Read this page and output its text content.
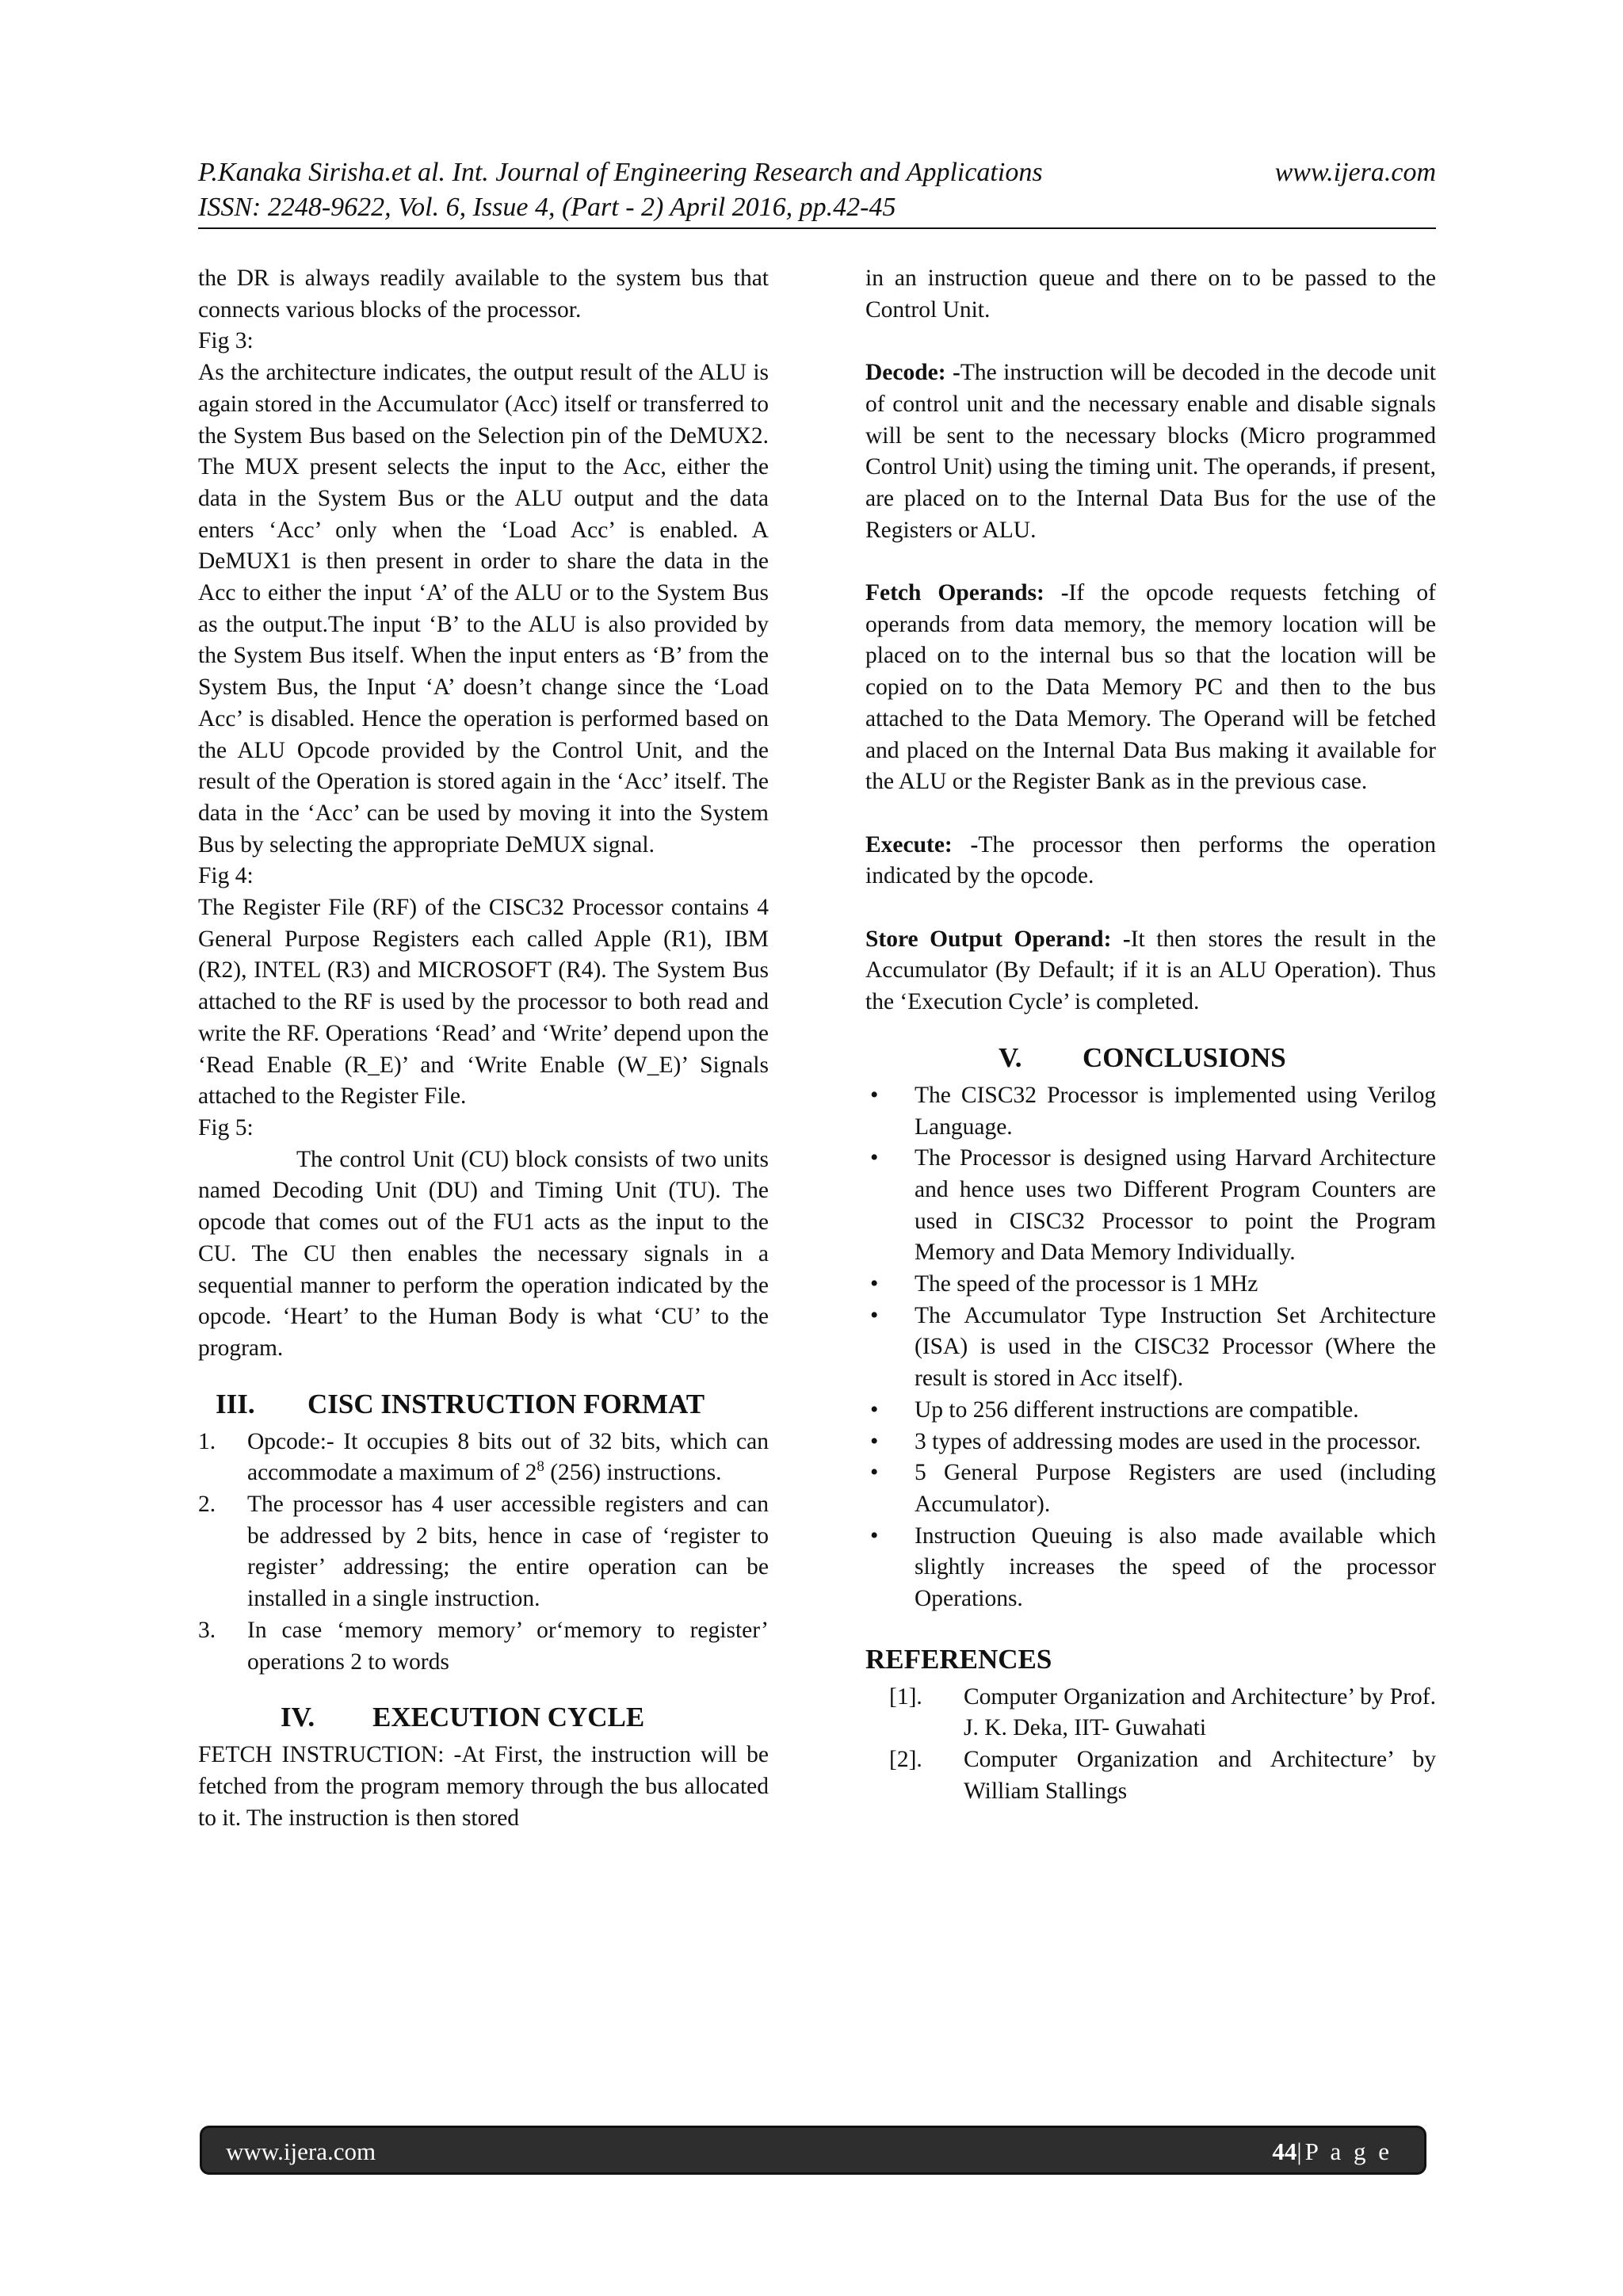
P.Kanaka Sirisha.et al. Int. Journal of Engineering Research and Applications	www.ijera.com
ISSN: 2248-9622, Vol. 6, Issue 4, (Part - 2) April 2016, pp.42-45

the DR is always readily available to the system bus that connects various blocks of the processor.

Fig 3:

As the architecture indicates, the output result of the ALU is again stored in the Accumulator (Acc) itself or transferred to the System Bus based on the Selection pin of the DeMUX2. The MUX present selects the input to the Acc, either the data in the System Bus or the ALU output and the data enters ‘Acc’ only when the ‘Load Acc’ is enabled. A DeMUX1 is then present in order to share the data in the Acc to either the input ‘A’ of the ALU or to the System Bus as the output.The input ‘B’ to the ALU is also provided by the System Bus itself. When the input enters as ‘B’ from the System Bus, the Input ‘A’ doesn’t change since the ‘Load Acc’ is disabled. Hence the operation is performed based on the ALU Opcode provided by the Control Unit, and the result of the Operation is stored again in the ‘Acc’ itself. The data in the ‘Acc’ can be used by moving it into the System Bus by selecting the appropriate DeMUX signal.

Fig 4:

The Register File (RF) of the CISC32 Processor contains 4 General Purpose Registers each called Apple (R1), IBM (R2), INTEL (R3) and MICROSOFT (R4). The System Bus attached to the RF is used by the processor to both read and write the RF. Operations ‘Read’ and ‘Write’ depend upon the ‘Read Enable (R_E)’ and ‘Write Enable (W_E)’ Signals attached to the Register File.

Fig 5:

The control Unit (CU) block consists of two units named Decoding Unit (DU) and Timing Unit (TU). The opcode that comes out of the FU1 acts as the input to the CU. The CU then enables the necessary signals in a sequential manner to perform the operation indicated by the opcode. ‘Heart’ to the Human Body is what ‘CU’ to the program.

III. CISC INSTRUCTION FORMAT
1. Opcode:- It occupies 8 bits out of 32 bits, which can accommodate a maximum of $2^8$ (256) instructions.
2. The processor has 4 user accessible registers and can be addressed by 2 bits, hence in case of ‘register to register’ addressing; the entire operation can be installed in a single instruction.
3. In case ‘memory memory’ or‘memory to register’ operations 2 to words
IV. EXECUTION CYCLE

FETCH INSTRUCTION: -At First, the instruction will be fetched from the program memory through the bus allocated to it. The instruction is then stored

in an instruction queue and there on to be passed to the Control Unit.

Decode: -The instruction will be decoded in the decode unit of control unit and the necessary enable and disable signals will be sent to the necessary blocks (Micro programmed Control Unit) using the timing unit. The operands, if present, are placed on to the Internal Data Bus for the use of the Registers or ALU.

Fetch Operands: -If the opcode requests fetching of operands from data memory, the memory location will be placed on to the internal bus so that the location will be copied on to the Data Memory PC and then to the bus attached to the Data Memory. The Operand will be fetched and placed on the Internal Data Bus making it available for the ALU or the Register Bank as in the previous case.

Execute: -The processor then performs the operation indicated by the opcode.

Store Output Operand: -It then stores the result in the Accumulator (By Default; if it is an ALU Operation). Thus the ‘Execution Cycle’ is completed.

V. CONCLUSIONS
• The CISC32 Processor is implemented using Verilog Language.
• The Processor is designed using Harvard Architecture and hence uses two Different Program Counters are used in CISC32 Processor to point the Program Memory and Data Memory Individually.
• The speed of the processor is 1 MHz
• The Accumulator Type Instruction Set Architecture (ISA) is used in the CISC32 Processor (Where the result is stored in Acc itself).
• Up to 256 different instructions are compatible.
• 3 types of addressing modes are used in the processor.
• 5 General Purpose Registers are used (including Accumulator).
• Instruction Queuing is also made available which slightly increases the speed of the processor Operations.
REFERENCES
[1]. Computer Organization and Architecture’ by Prof. J. K. Deka, IIT- Guwahati
[2]. Computer Organization and Architecture’ by William Stallings
www.ijera.com	44|P a g e
